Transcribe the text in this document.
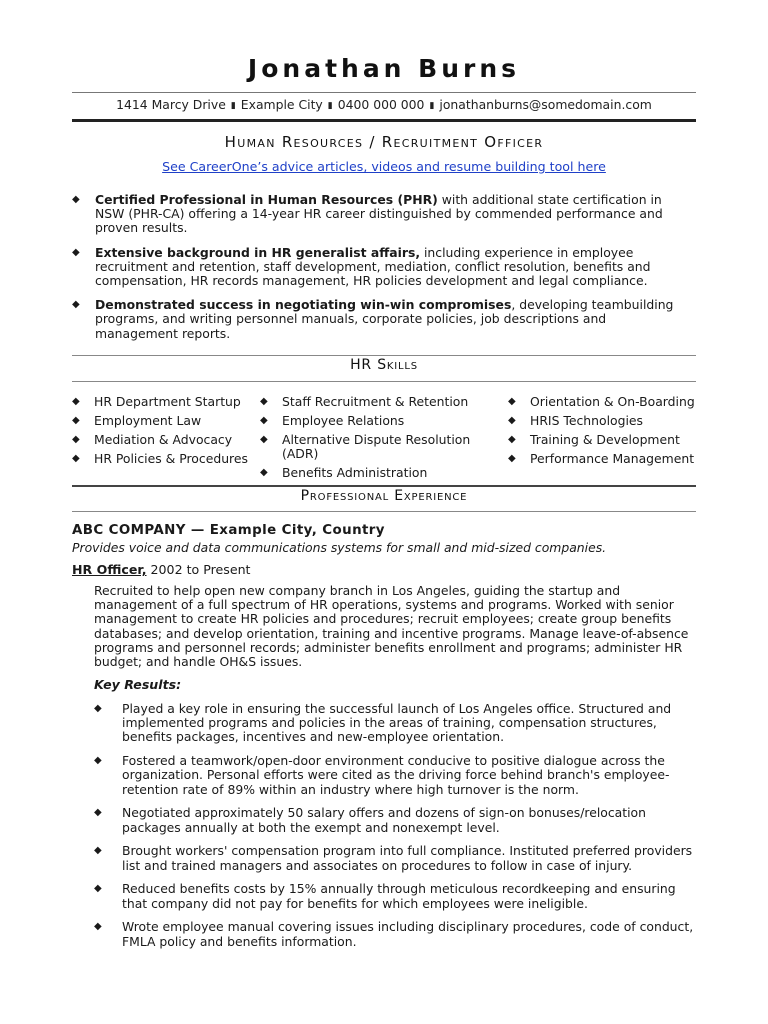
Jonathan Burns
1414 Marcy Drive ▮ Example City ▮ 0400 000 000 ▮ jonathanburns@somedomain.com
Human Resources / Recruitment Officer
See CareerOne’s advice articles, videos and resume building tool here
◆ Certified Professional in Human Resources (PHR) with additional state certification in NSW (PHR-CA) offering a 14-year HR career distinguished by commended performance and proven results.
◆ Extensive background in HR generalist affairs, including experience in employee recruitment and retention, staff development, mediation, conflict resolution, benefits and compensation, HR records management, HR policies development and legal compliance.
◆ Demonstrated success in negotiating win-win compromises, developing teambuilding programs, and writing personnel manuals, corporate policies, job descriptions and management reports.
HR Skills
◆ HR Department Startup
◆ Employment Law
◆ Mediation & Advocacy
◆ HR Policies & Procedures
◆ Staff Recruitment & Retention
◆ Employee Relations
◆ Alternative Dispute Resolution (ADR)
◆ Benefits Administration
◆ Orientation & On-Boarding
◆ HRIS Technologies
◆ Training & Development
◆ Performance Management
Professional Experience
ABC COMPANY — Example City, Country
Provides voice and data communications systems for small and mid-sized companies.
HR Officer, 2002 to Present
Recruited to help open new company branch in Los Angeles, guiding the startup and management of a full spectrum of HR operations, systems and programs. Worked with senior management to create HR policies and procedures; recruit employees; create group benefits databases; and develop orientation, training and incentive programs. Manage leave-of-absence programs and personnel records; administer benefits enrollment and programs; administer HR budget; and handle OH&S issues.
Key Results:
◆ Played a key role in ensuring the successful launch of Los Angeles office. Structured and implemented programs and policies in the areas of training, compensation structures, benefits packages, incentives and new-employee orientation.
◆ Fostered a teamwork/open-door environment conducive to positive dialogue across the organization. Personal efforts were cited as the driving force behind branch's employee-retention rate of 89% within an industry where high turnover is the norm.
◆ Negotiated approximately 50 salary offers and dozens of sign-on bonuses/relocation packages annually at both the exempt and nonexempt level.
◆ Brought workers' compensation program into full compliance. Instituted preferred providers list and trained managers and associates on procedures to follow in case of injury.
◆ Reduced benefits costs by 15% annually through meticulous recordkeeping and ensuring that company did not pay for benefits for which employees were ineligible.
◆ Wrote employee manual covering issues including disciplinary procedures, code of conduct, FMLA policy and benefits information.
